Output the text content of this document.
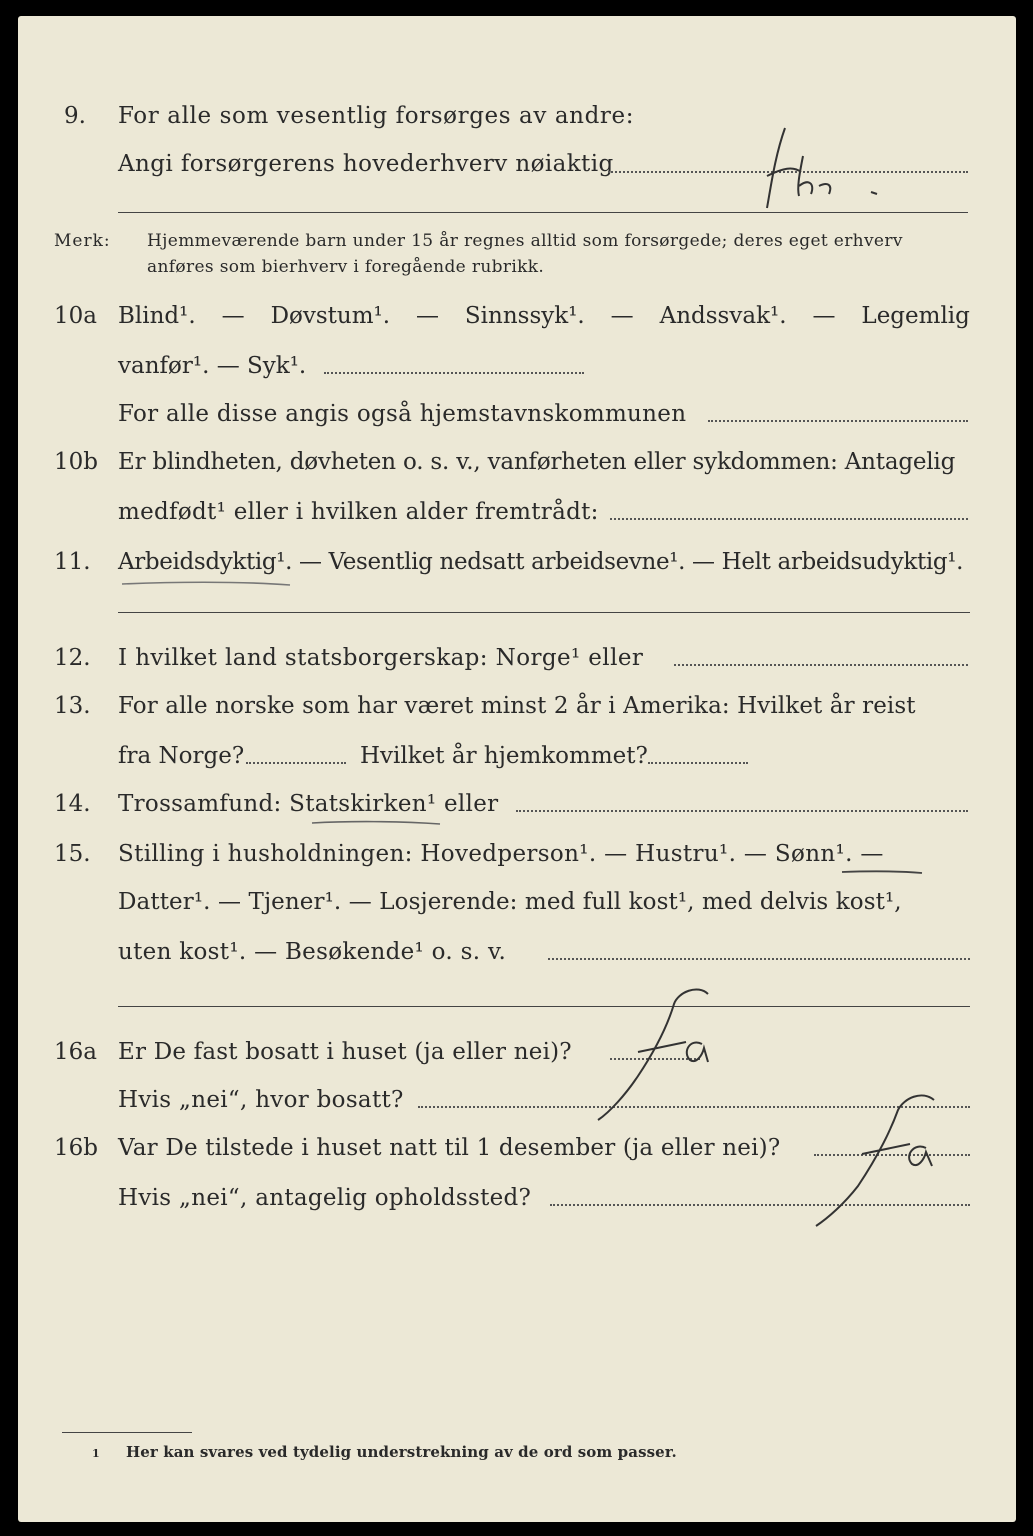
9. For alle som vesentlig forsørges av andre:
Angi forsørgerens hovederhverv nøiaktig
Gbr.
Merk: Hjemmeværende barn under 15 år regnes alltid som forsørgede; deres eget erhverv
anføres som bierhverv i foregående rubrikk.
10a Blind¹. — Døvstum¹. — Sinnssyk¹. — Andssvak¹. — Legemlig
vanfør¹. — Syk¹.
For alle disse angis også hjemstavnskommunen
10b Er blindheten, døvheten o. s. v., vanførheten eller sykdommen: Antagelig
medfødt¹ eller i hvilken alder fremtrådt:
11. Arbeidsdyktig¹. — Vesentlig nedsatt arbeidsevne¹. — Helt arbeidsudyktig¹.
12. I hvilket land statsborgerskap: Norge¹ eller
13. For alle norske som har været minst 2 år i Amerika: Hvilket år reist
fra Norge?	Hvilket år hjemkommet?
14. Trossamfund: Statskirken¹ eller
15. Stilling i husholdningen: Hovedperson¹. — Hustru¹. — Sønn¹. —
Datter¹. — Tjener¹. — Losjerende: med full kost¹, med delvis kost¹,
uten kost¹. — Besøkende¹ o. s. v.
16a Er De fast bosatt i huset (ja eller nei)?
Hvis „nei“, hvor bosatt?
Ja
16b Var De tilstede i huset natt til 1 desember (ja eller nei)?
Hvis „nei“, antagelig opholdssted?
Ja
1 Her kan svares ved tydelig understrekning av de ord som passer.
